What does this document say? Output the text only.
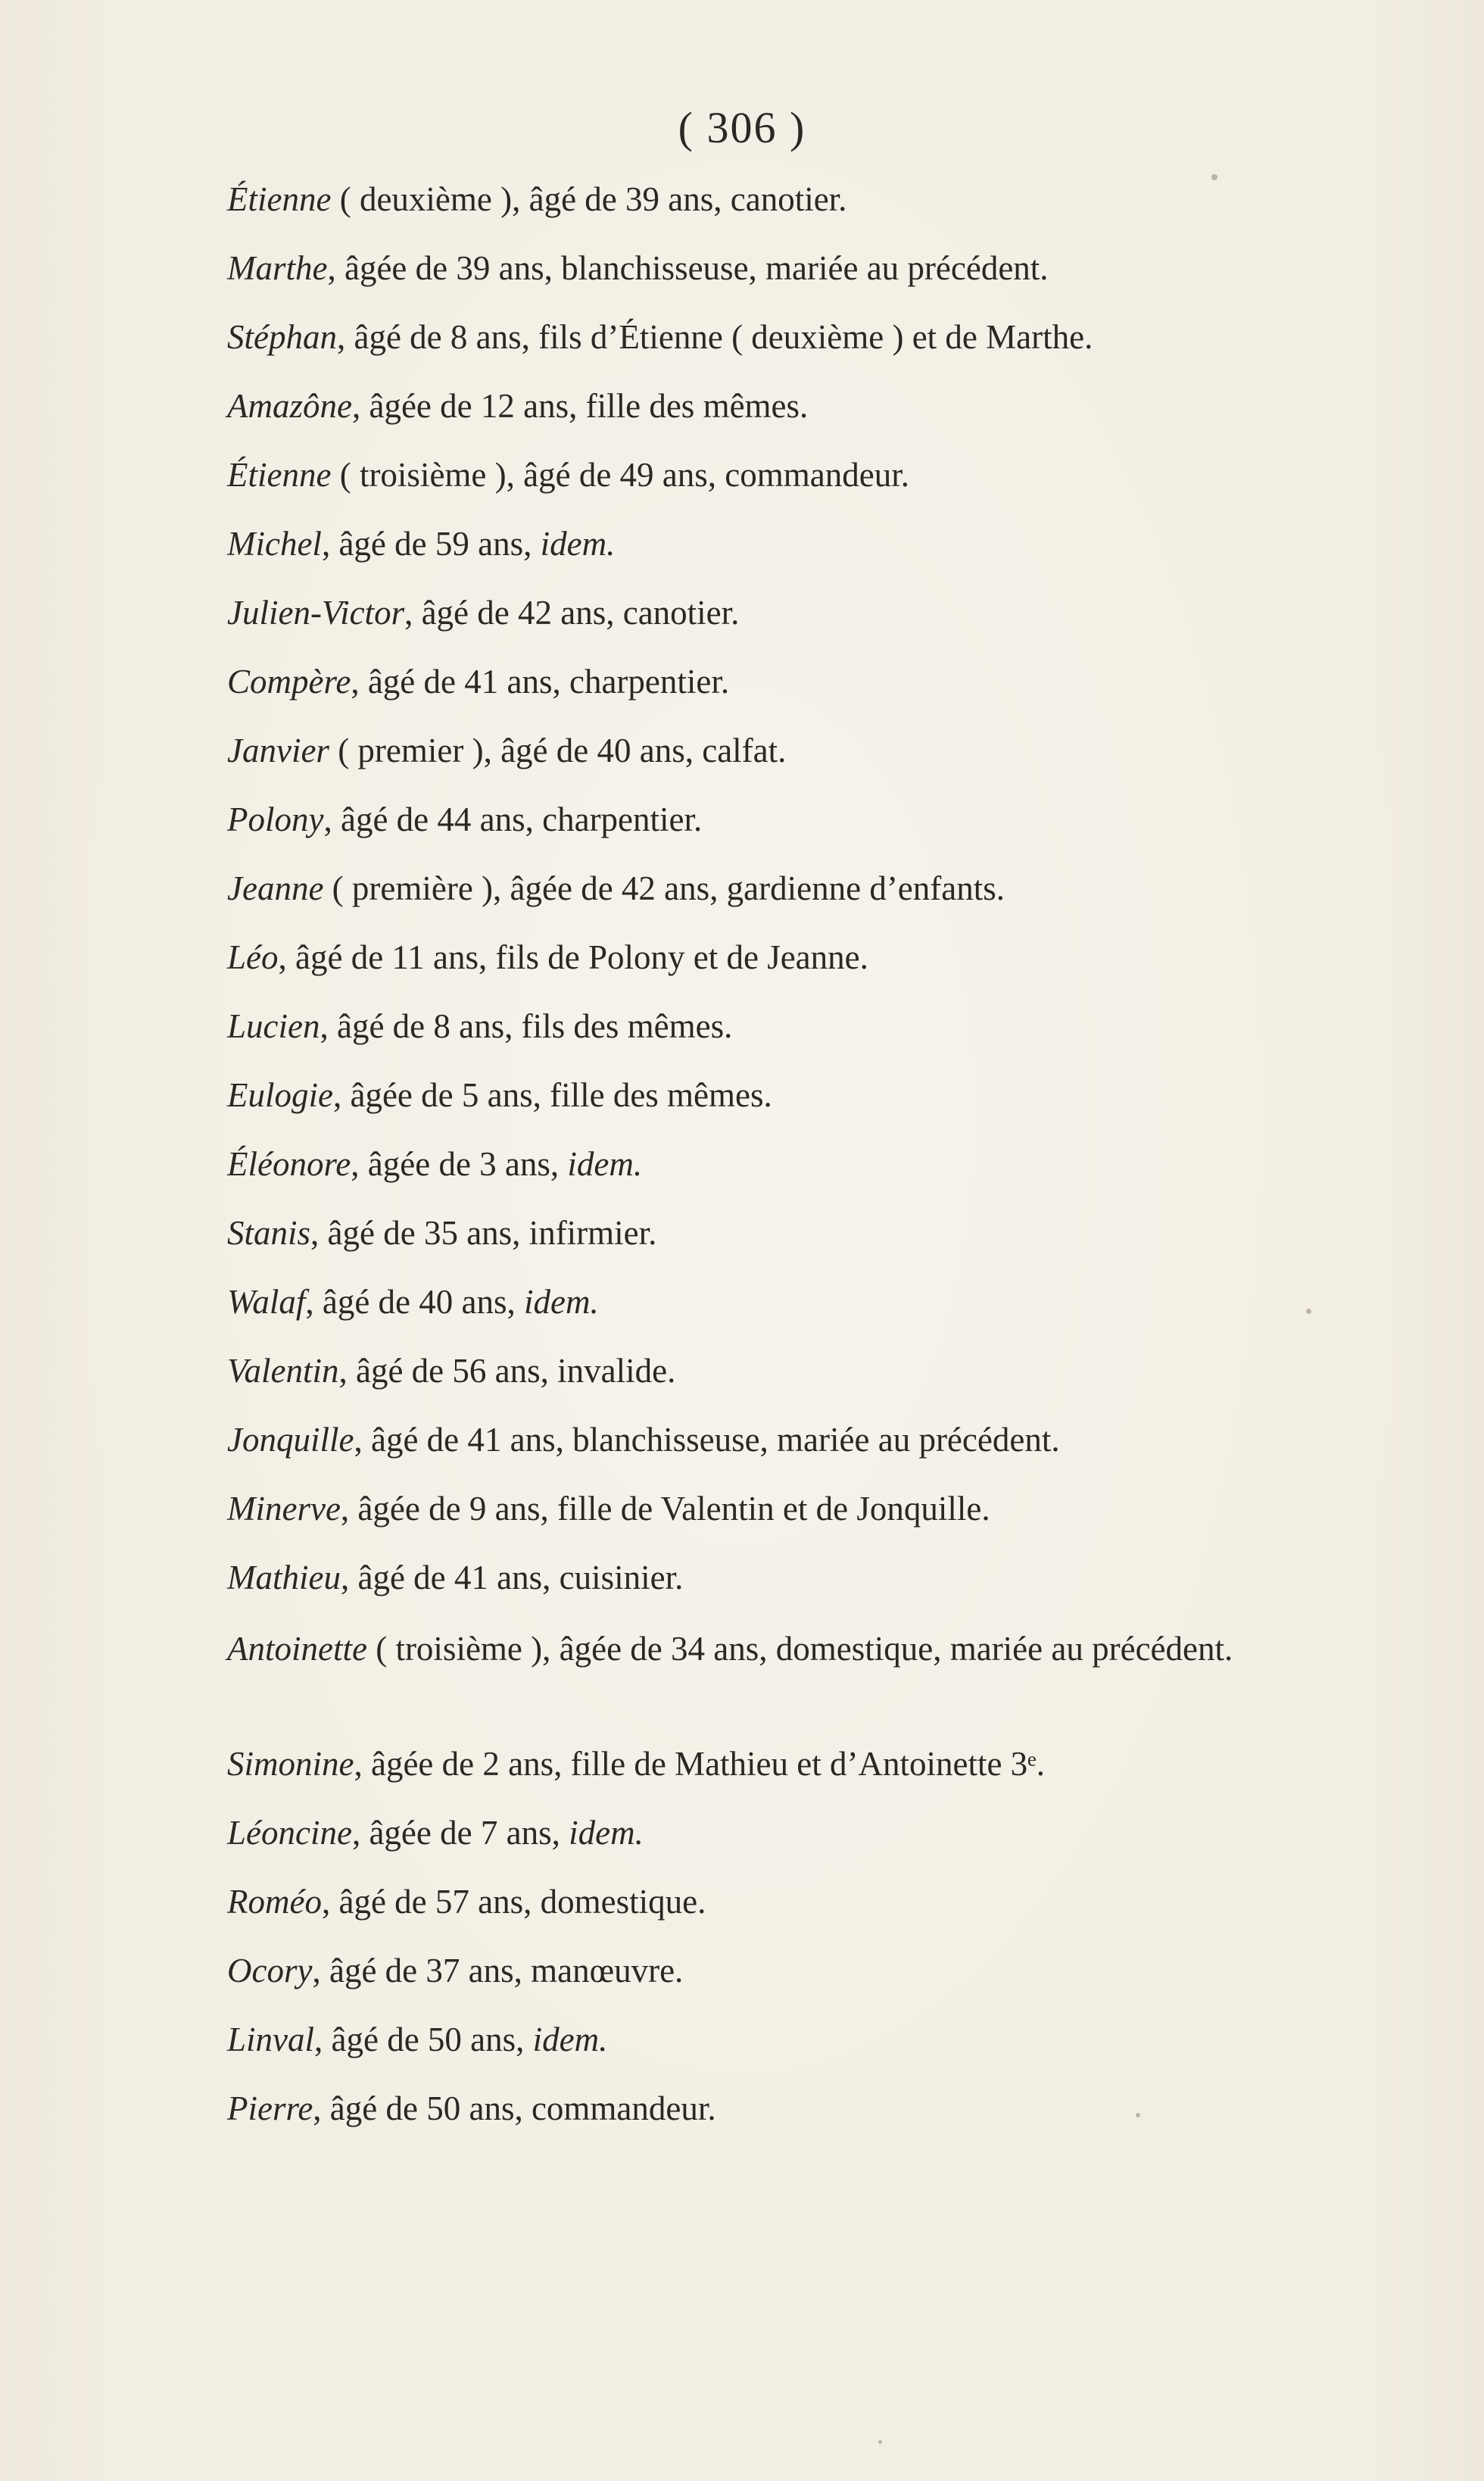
( 306 )
Étienne ( deuxième ), âgé de 39 ans, canotier.
Marthe, âgée de 39 ans, blanchisseuse, mariée au précédent.
Stéphan, âgé de 8 ans, fils d’Étienne ( deuxième ) et de Marthe.
Amazône, âgée de 12 ans, fille des mêmes.
Étienne ( troisième ), âgé de 49 ans, commandeur.
Michel, âgé de 59 ans, idem.
Julien-Victor, âgé de 42 ans, canotier.
Compère, âgé de 41 ans, charpentier.
Janvier ( premier ), âgé de 40 ans, calfat.
Polony, âgé de 44 ans, charpentier.
Jeanne ( première ), âgée de 42 ans, gardienne d’enfants.
Léo, âgé de 11 ans, fils de Polony et de Jeanne.
Lucien, âgé de 8 ans, fils des mêmes.
Eulogie, âgée de 5 ans, fille des mêmes.
Éléonore, âgée de 3 ans, idem.
Stanis, âgé de 35 ans, infirmier.
Walaf, âgé de 40 ans, idem.
Valentin, âgé de 56 ans, invalide.
Jonquille, âgé de 41 ans, blanchisseuse, mariée au précédent.
Minerve, âgée de 9 ans, fille de Valentin et de Jonquille.
Mathieu, âgé de 41 ans, cuisinier.
Antoinette ( troisième ), âgée de 34 ans, domestique, mariée au précédent.
Simonine, âgée de 2 ans, fille de Mathieu et d’Antoinette 3ᵉ.
Léoncine, âgée de 7 ans, idem.
Roméo, âgé de 57 ans, domestique.
Ocory, âgé de 37 ans, manœuvre.
Linval, âgé de 50 ans, idem.
Pierre, âgé de 50 ans, commandeur.
